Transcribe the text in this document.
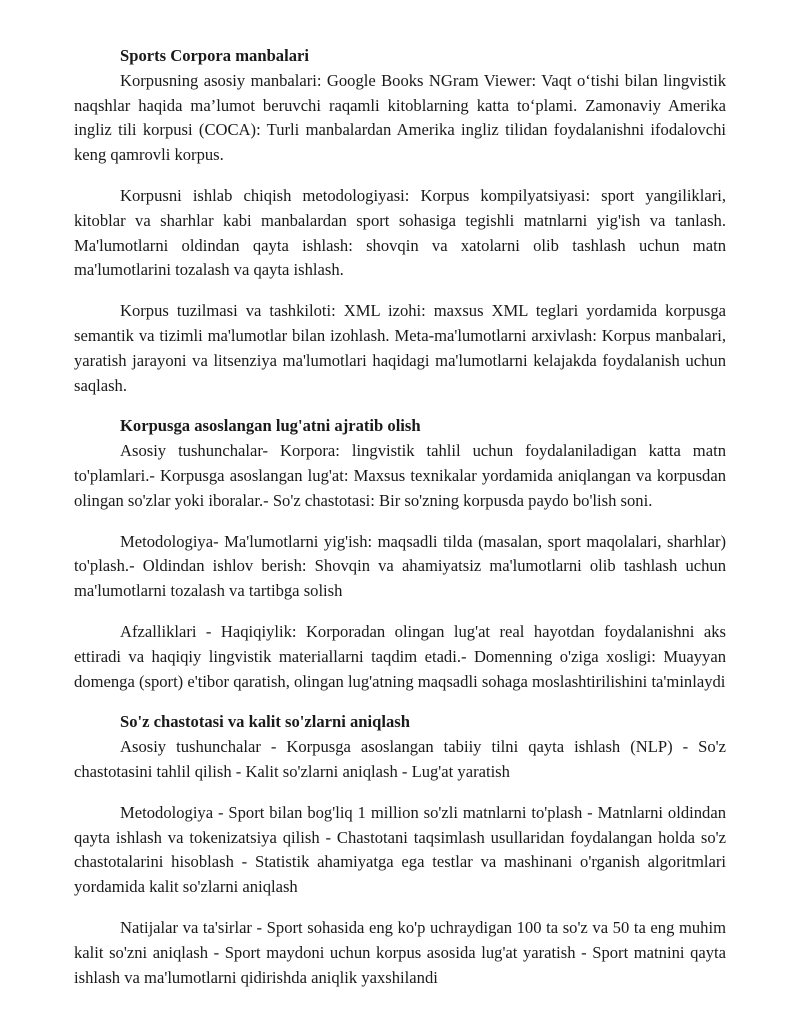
Sports Corpora manbalari

Korpusning asosiy manbalari: Google Books NGram Viewer: Vaqt o‘tishi bilan lingvistik naqshlar haqida ma’lumot beruvchi raqamli kitoblarning katta to‘plami. Zamonaviy Amerika ingliz tili korpusi (COCA): Turli manbalardan Amerika ingliz tilidan foydalanishni ifodalovchi keng qamrovli korpus.

Korpusni ishlab chiqish metodologiyasi: Korpus kompilyatsiyasi: sport yangiliklari, kitoblar va sharhlar kabi manbalardan sport sohasiga tegishli matnlarni yig'ish va tanlash. Ma'lumotlarni oldindan qayta ishlash: shovqin va xatolarni olib tashlash uchun matn ma'lumotlarini tozalash va qayta ishlash.

Korpus tuzilmasi va tashkiloti: XML izohi: maxsus XML teglari yordamida korpusga semantik va tizimli ma'lumotlar bilan izohlash. Meta-ma'lumotlarni arxivlash: Korpus manbalari, yaratish jarayoni va litsenziya ma'lumotlari haqidagi ma'lumotlarni kelajakda foydalanish uchun saqlash.

Korpusga asoslangan lug'atni ajratib olish

Asosiy tushunchalar- Korpora: lingvistik tahlil uchun foydalaniladigan katta matn to'plamlari.- Korpusga asoslangan lug'at: Maxsus texnikalar yordamida aniqlangan va korpusdan olingan so'zlar yoki iboralar.- So'z chastotasi: Bir so'zning korpusda paydo bo'lish soni.

Metodologiya- Ma'lumotlarni yig'ish: maqsadli tilda (masalan, sport maqolalari, sharhlar) to'plash.- Oldindan ishlov berish: Shovqin va ahamiyatsiz ma'lumotlarni olib tashlash uchun ma'lumotlarni tozalash va tartibga solish

Afzalliklari - Haqiqiylik: Korporadan olingan lug'at real hayotdan foydalanishni aks ettiradi va haqiqiy lingvistik materiallarni taqdim etadi.- Domenning o'ziga xosligi: Muayyan domenga (sport) e'tibor qaratish, olingan lug'atning maqsadli sohaga moslashtirilishini ta'minlaydi

So'z chastotasi va kalit so'zlarni aniqlash

Asosiy tushunchalar - Korpusga asoslangan tabiiy tilni qayta ishlash (NLP) - So'z chastotasini tahlil qilish - Kalit so'zlarni aniqlash - Lug'at yaratish

Metodologiya - Sport bilan bog'liq 1 million so'zli matnlarni to'plash - Matnlarni oldindan qayta ishlash va tokenizatsiya qilish - Chastotani taqsimlash usullaridan foydalangan holda so'z chastotalarini hisoblash - Statistik ahamiyatga ega testlar va mashinani o'rganish algoritmlari yordamida kalit so'zlarni aniqlash

Natijalar va ta'sirlar - Sport sohasida eng ko'p uchraydigan 100 ta so'z va 50 ta eng muhim kalit so'zni aniqlash - Sport maydoni uchun korpus asosida lug'at yaratish - Sport matnini qayta ishlash va ma'lumotlarni qidirishda aniqlik yaxshilandi
